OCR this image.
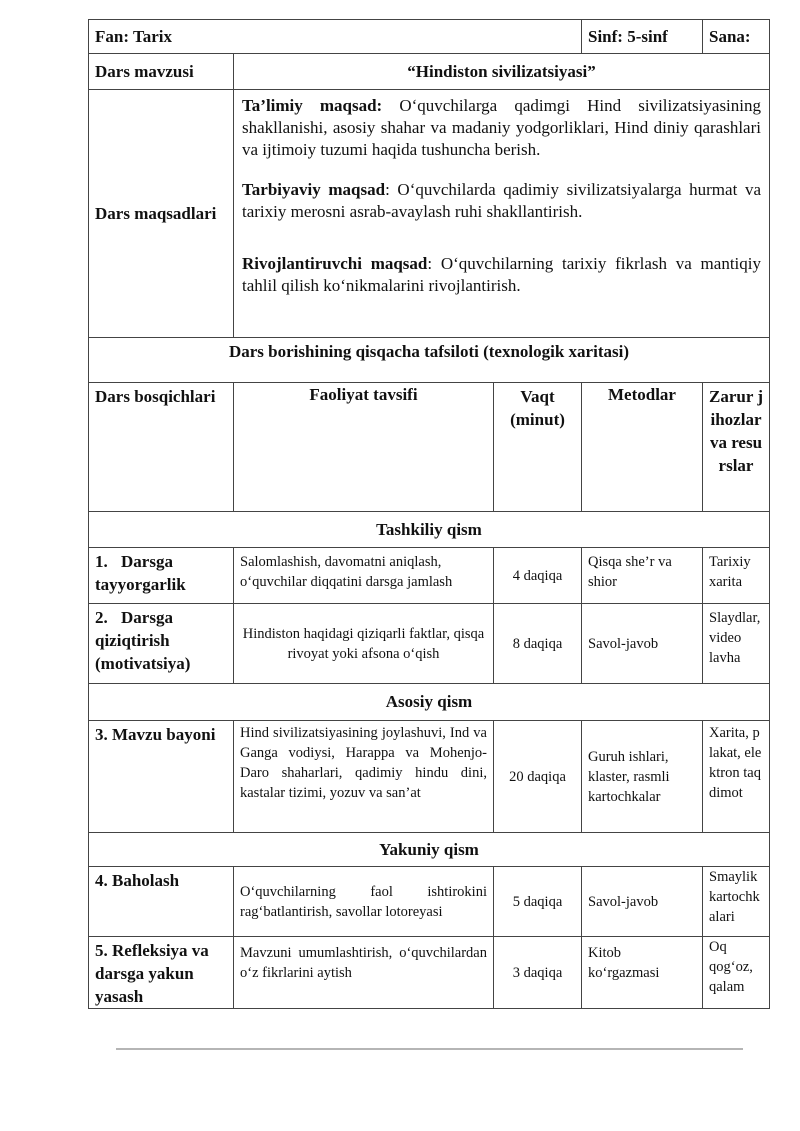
Fan: Tarix			Sinf: 5-sinf	Sana:
Dars mavzusi	“Hindiston sivilizatsiyasi”			
Dars maqsadlari	Ta’limiy maqsad: O‘quvchilarga qadimgi Hind sivilizatsiyasining shakllanishi, asosiy shahar va madaniy yodgorliklari, Hind diniy qarashlari va ijtimoiy tuzumi haqida tushuncha berish.

Tarbiyaviy maqsad: O‘quvchilarda qadimiy sivilizatsiyalarga hurmat va tarixiy merosni asrab-avaylash ruhi shakllantirish.

Rivojlantiruvchi maqsad: O‘quvchilarning tarixiy fikrlash va mantiqiy tahlil qilish ko‘nikmalarini rivojlantirish.			

Dars borishining qisqacha tafsiloti (texnologik xaritasi)				
Dars bosqichlari	Faoliyat tavsifi	Vaqt (minut)	Metodlar	Zarur jihozlar va resurslar
Tashkiliy qism				
1. Darsga tayyorgarlik	Salomlashish, davomatni aniqlash, o‘quvchilar diqqatini darsga jamlash	4 daqiqa	Qisqa she’r va shior	Tarixiy xarita
2. Darsga qiziqtirish (motivatsiya)	Hindiston haqidagi qiziqarli faktlar, qisqa rivoyat yoki afsona o‘qish	8 daqiqa	Savol-javob	Slaydlar, video lavha
Asosiy qism				
3. Mavzu bayoni	Hind sivilizatsiyasining joylashuvi, Ind va Ganga vodiysi, Harappa va Mohenjo-Daro shaharlari, qadimiy hindu dini, kastalar tizimi, yozuv va san’at	20 daqiqa	Guruh ishlari, klaster, rasmli kartochkalar	Xarita, plakat, elektron taqdimot
Yakuniy qism				
4. Baholash	O‘quvchilarning faol ishtirokini rag‘batlantirish, savollar lotoreyasi	5 daqiqa	Savol-javob	Smaylik kartochkalari
5. Refleksiya va darsga yakun yasash	Mavzuni umumlashtirish, o‘quvchilardan o‘z fikrlarini aytish	3 daqiqa	Kitob ko‘rgazmasi	Oq qog‘oz, qalam
